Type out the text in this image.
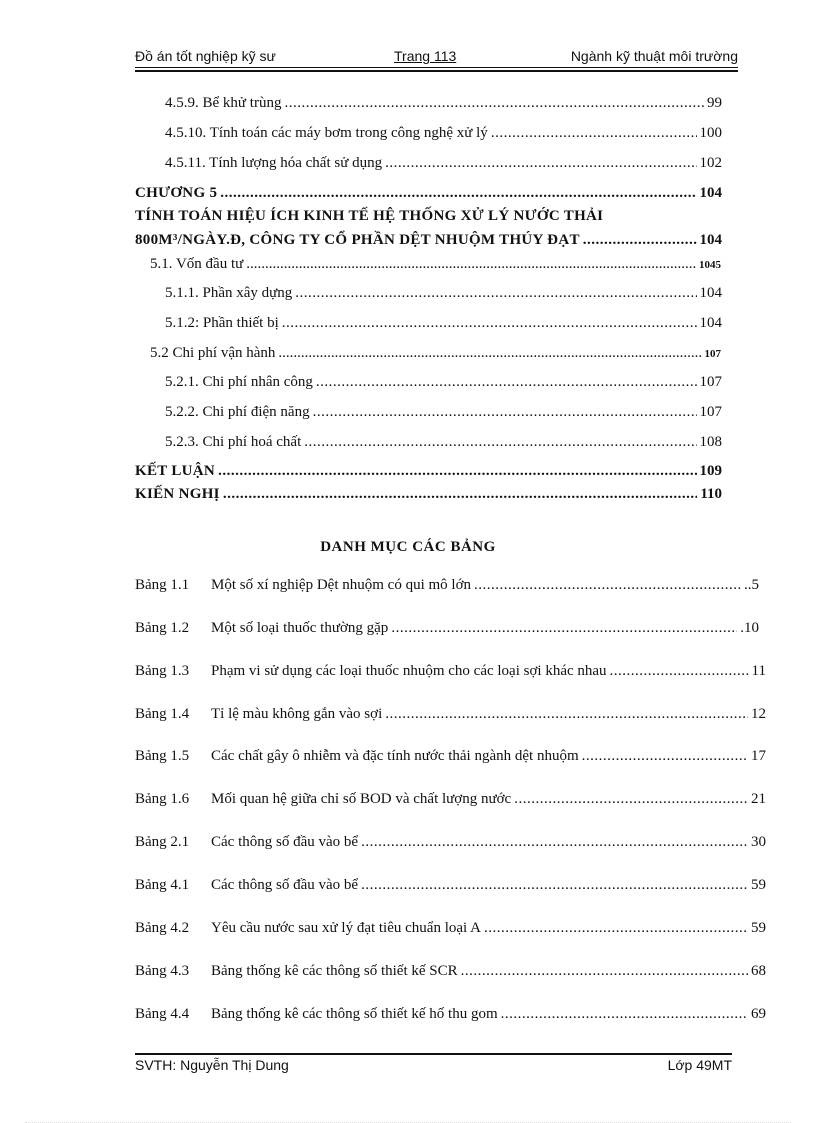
Đồ án tốt nghiệp kỹ sư	Trang 113	Ngành kỹ thuật môi trường
4.5.9. Bể khử trùng .....	99
4.5.10. Tính toán các máy bơm trong công nghệ xử lý .....	100
4.5.11. Tính lượng hóa chất sử dụng .....	102
CHƯƠNG 5 .....	104
TÍNH TOÁN HIỆU ÍCH KINH TẾ HỆ THỐNG XỬ LÝ NƯỚC THẢI
800M³/NGÀY.Đ, CÔNG TY CỔ PHẦN DỆT NHUỘM THÚY ĐẠT .....	104
5.1. Vốn đầu tư .....	1045
5.1.1. Phần xây dựng .....	104
5.1.2: Phần thiết bị .....	104
5.2 Chi phí vận hành .....	107
5.2.1. Chi phí nhân công .....	107
5.2.2. Chi phí điện năng .....	107
5.2.3. Chi phí hoá chất .....	108
KẾT LUẬN .....	109
KIẾN NGHỊ .....	110
DANH MỤC CÁC BẢNG
Bảng 1.1 Một số xí nghiệp Dệt nhuộm có qui mô lớn .....	..5
Bảng 1.2 Một số loại thuốc thường gặp .....	.10
Bảng 1.3 Phạm vi sử dụng các loại thuốc nhuộm cho các loại sợi khác nhau .....	11
Bảng 1.4 Tỉ lệ màu không gắn vào sợi .....	12
Bảng 1.5 Các chất gây ô nhiễm và đặc tính nước thải ngành dệt nhuộm .....	17
Bảng 1.6 Mối quan hệ giữa chỉ số BOD và chất lượng nước .....	21
Bảng 2.1 Các thông số đầu vào bể .....	30
Bảng 4.1 Các thông số đầu vào bể .....	59
Bảng 4.2 Yêu cầu nước sau xử lý đạt tiêu chuẩn loại A .....	59
Bảng 4.3 Bảng thống kê các thông số thiết kế SCR .....	68
Bảng 4.4 Bảng thống kê các thông số thiết kế hố thu gom .....	69
SVTH: Nguyễn Thị Dung	Lớp 49MT
